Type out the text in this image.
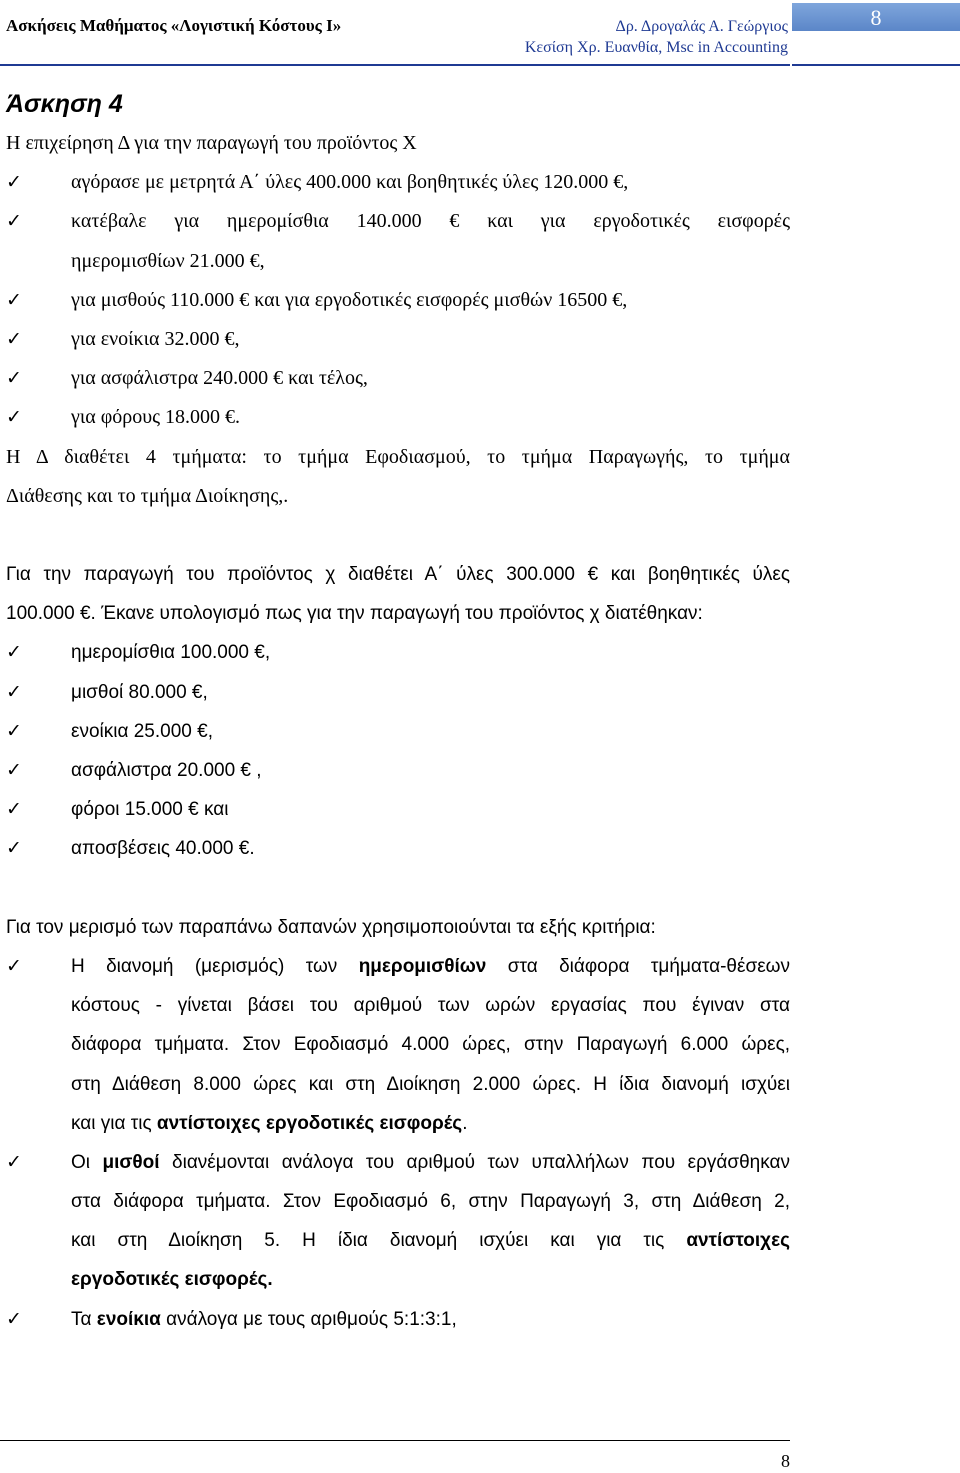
Ασκήσεις Μαθήματος «Λογιστική Κόστους Ι»	Δρ. Δρογαλάς Α. Γεώργιος
Κεσίση Χρ. Ευανθία, Msc in Accounting
8
Άσκηση 4
Η επιχείρηση Δ για την παραγωγή του προϊόντος Χ
✓	αγόρασε με μετρητά Α΄ ύλες 400.000 και βοηθητικές ύλες 120.000 €,
✓	κατέβαλε για ημερομίσθια 140.000 € και για εργοδοτικές εισφορές
ημερομισθίων 21.000 €,
✓	για μισθούς 110.000 € και για εργοδοτικές εισφορές μισθών 16500 €,
✓	για ενοίκια 32.000 €,
✓	για ασφάλιστρα 240.000 € και τέλος,
✓	για φόρους 18.000 €.
Η Δ διαθέτει 4 τμήματα: το τμήμα Εφοδιασμού, το τμήμα Παραγωγής, το τμήμα
Διάθεσης και το τμήμα Διοίκησης,.
Για την παραγωγή του προϊόντος χ διαθέτει Α΄ ύλες 300.000 € και βοηθητικές ύλες
100.000 €. Έκανε υπολογισμό πως για την παραγωγή του προϊόντος χ διατέθηκαν:
✓	ημερομίσθια 100.000 €,
✓	μισθοί 80.000 €,
✓	ενοίκια 25.000 €,
✓	ασφάλιστρα 20.000 € ,
✓	φόροι 15.000 € και
✓	αποσβέσεις 40.000 €.
Για τον μερισμό των παραπάνω δαπανών χρησιμοποιούνται τα εξής κριτήρια:
✓	Η διανομή (μερισμός) των ημερομισθίων στα διάφορα τμήματα-θέσεων
κόστους - γίνεται βάσει του αριθμού των ωρών εργασίας που έγιναν στα
διάφορα τμήματα. Στον Εφοδιασμό 4.000 ώρες, στην Παραγωγή 6.000 ώρες,
στη Διάθεση 8.000 ώρες και στη Διοίκηση 2.000 ώρες. Η ίδια διανομή ισχύει
και για τις αντίστοιχες εργοδοτικές εισφορές.
✓	Οι μισθοί διανέμονται ανάλογα του αριθμού των υπαλλήλων που εργάσθηκαν
στα διάφορα τμήματα. Στον Εφοδιασμό 6, στην Παραγωγή 3, στη Διάθεση 2,
και στη Διοίκηση 5. Η ίδια διανομή ισχύει και για τις αντίστοιχες
εργοδοτικές εισφορές.
✓	Τα ενοίκια ανάλογα με τους αριθμούς 5:1:3:1,
8
